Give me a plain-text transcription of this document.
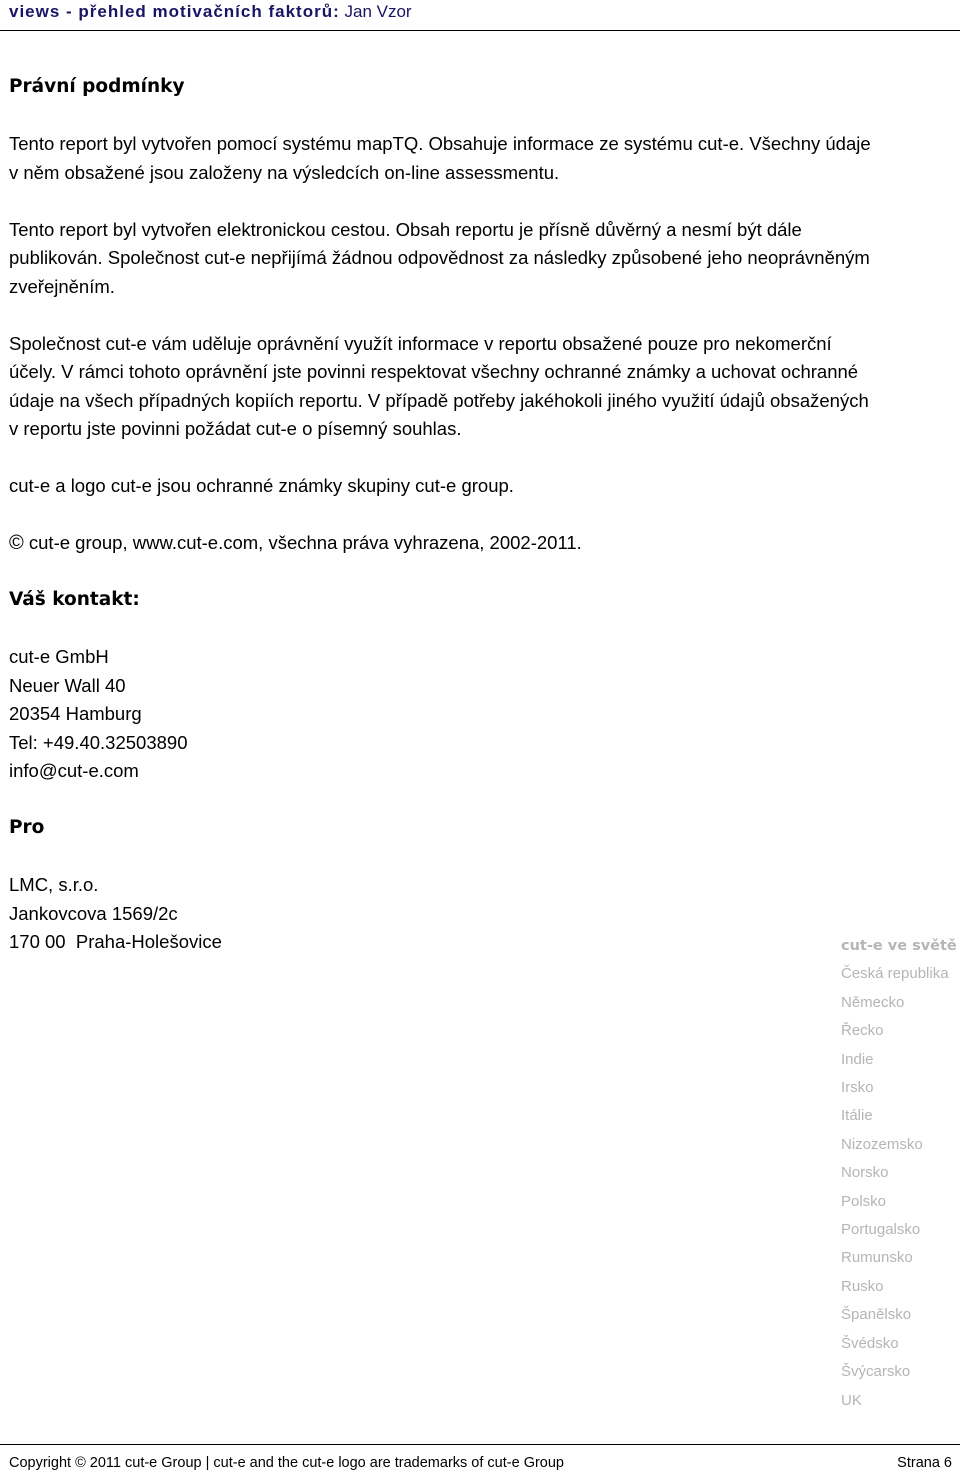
views - přehled motivačních faktorů: Jan Vzor
Právní podmínky

Tento report byl vytvořen pomocí systému mapTQ. Obsahuje informace ze systému cut-e. Všechny údaje
v něm obsažené jsou založeny na výsledcích on-line assessmentu.

Tento report byl vytvořen elektronickou cestou. Obsah reportu je přísně důvěrný a nesmí být dále
publikován. Společnost cut-e nepřijímá žádnou odpovědnost za následky způsobené jeho neoprávněným
zveřejněním.

Společnost cut-e vám uděluje oprávnění využít informace v reportu obsažené pouze pro nekomerční
účely. V rámci tohoto oprávnění jste povinni respektovat všechny ochranné známky a uchovat ochranné
údaje na všech případných kopiích reportu. V případě potřeby jakéhokoli jiného využití údajů obsažených
v reportu jste povinni požádat cut-e o písemný souhlas.

cut-e a logo cut-e jsou ochranné známky skupiny cut-e group.

© cut-e group, www.cut-e.com, všechna práva vyhrazena, 2002-2011.

Váš kontakt:

cut-e GmbH
Neuer Wall 40
20354 Hamburg
Tel: +49.40.32503890
info@cut-e.com

Pro

LMC, s.r.o.
Jankovcova 1569/2c
170 00  Praha-Holešovice	cut-e ve světě
Česká republika
Německo
Řecko
Indie
Irsko
Itálie
Nizozemsko
Norsko
Polsko
Portugalsko
Rumunsko
Rusko
Španělsko
Švédsko
Švýcarsko
UK
Copyright © 2011 cut-e Group | cut-e and the cut-e logo are trademarks of cut-e Group	Strana 6
